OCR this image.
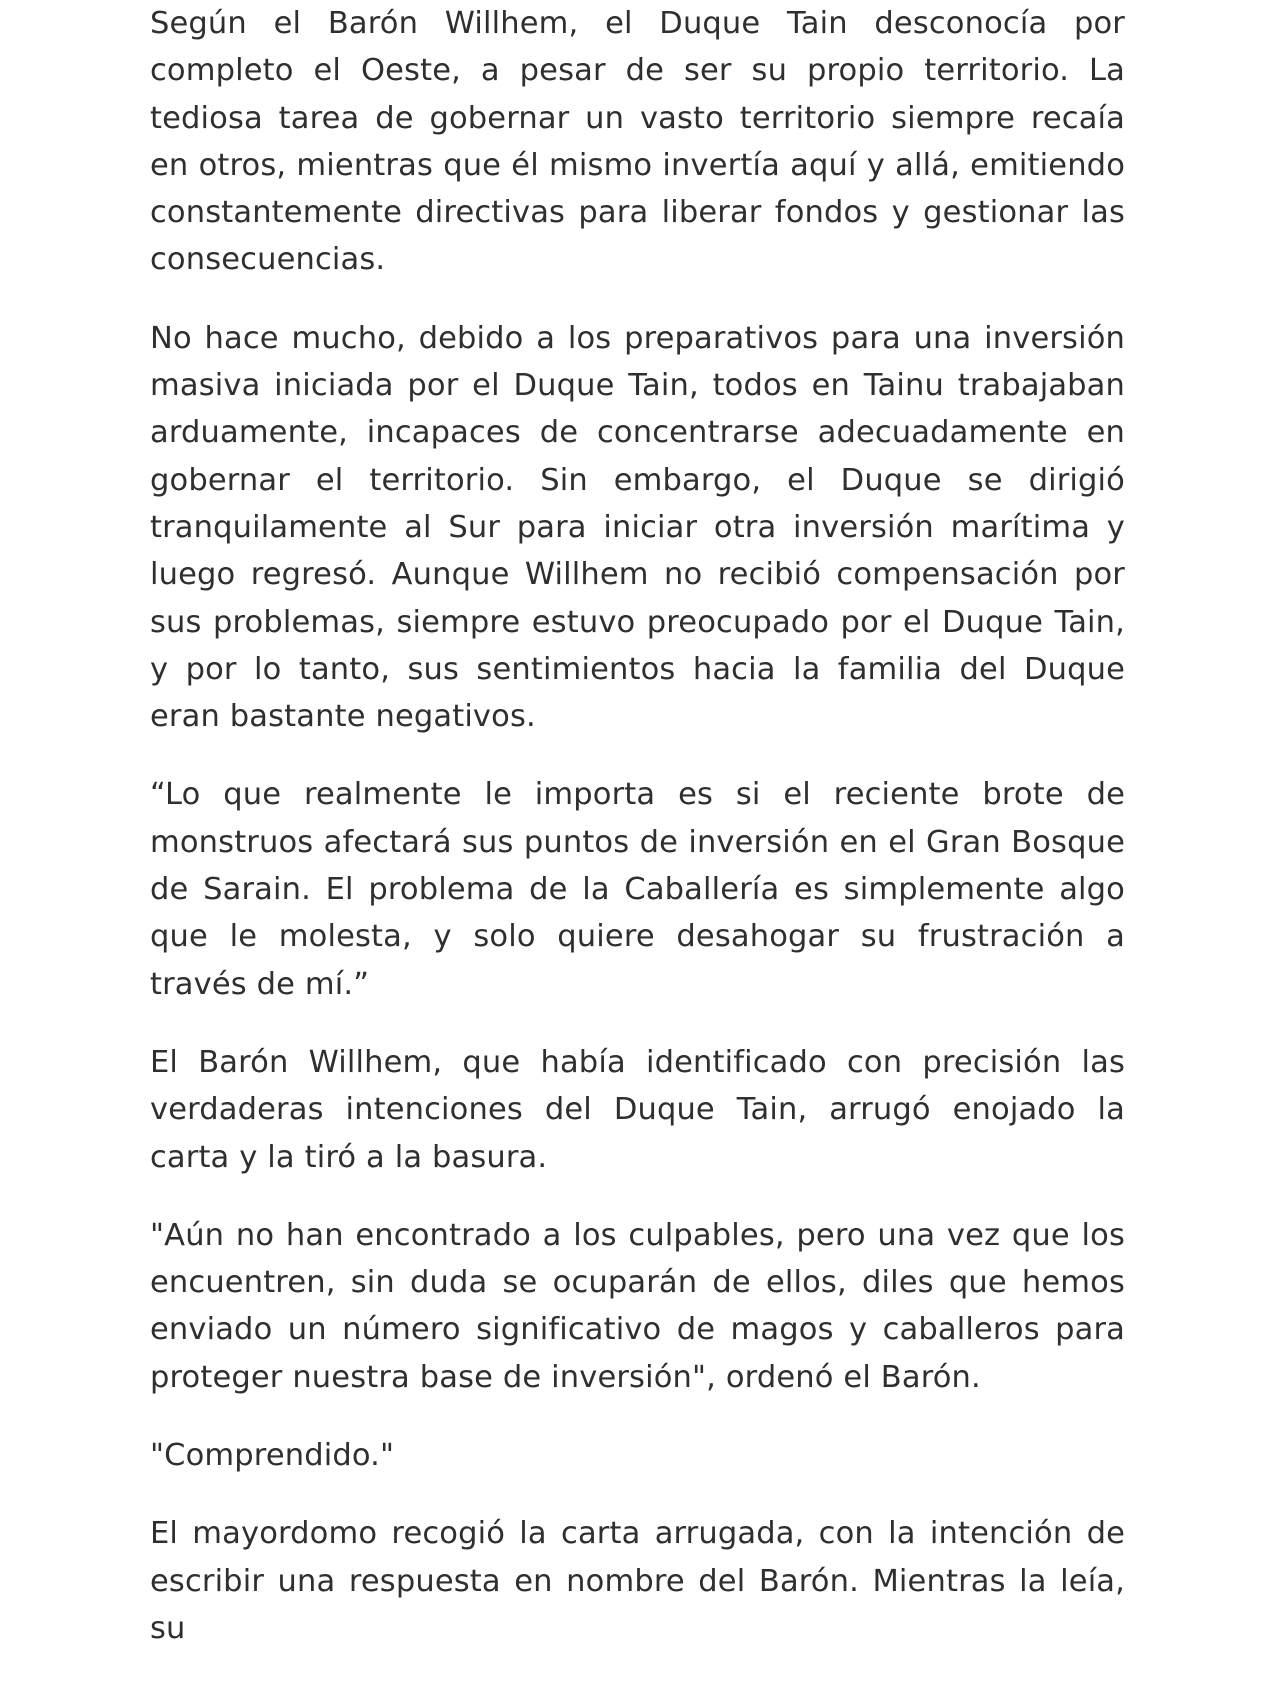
Según el Barón Willhem, el Duque Tain desconocía por completo el Oeste, a pesar de ser su propio territorio. La tediosa tarea de gobernar un vasto territorio siempre recaía en otros, mientras que él mismo invertía aquí y allá, emitiendo constantemente directivas para liberar fondos y gestionar las consecuencias.

No hace mucho, debido a los preparativos para una inversión masiva iniciada por el Duque Tain, todos en Tainu trabajaban arduamente, incapaces de concentrarse adecuadamente en gobernar el territorio. Sin embargo, el Duque se dirigió tranquilamente al Sur para iniciar otra inversión marítima y luego regresó. Aunque Willhem no recibió compensación por sus problemas, siempre estuvo preocupado por el Duque Tain, y por lo tanto, sus sentimientos hacia la familia del Duque eran bastante negativos.

“Lo que realmente le importa es si el reciente brote de monstruos afectará sus puntos de inversión en el Gran Bosque de Sarain. El problema de la Caballería es simplemente algo que le molesta, y solo quiere desahogar su frustración a través de mí.”

El Barón Willhem, que había identificado con precisión las verdaderas intenciones del Duque Tain, arrugó enojado la carta y la tiró a la basura.

"Aún no han encontrado a los culpables, pero una vez que los encuentren, sin duda se ocuparán de ellos, diles que hemos enviado un número significativo de magos y caballeros para proteger nuestra base de inversión", ordenó el Barón.

"Comprendido."

El mayordomo recogió la carta arrugada, con la intención de escribir una respuesta en nombre del Barón. Mientras la leía, su
